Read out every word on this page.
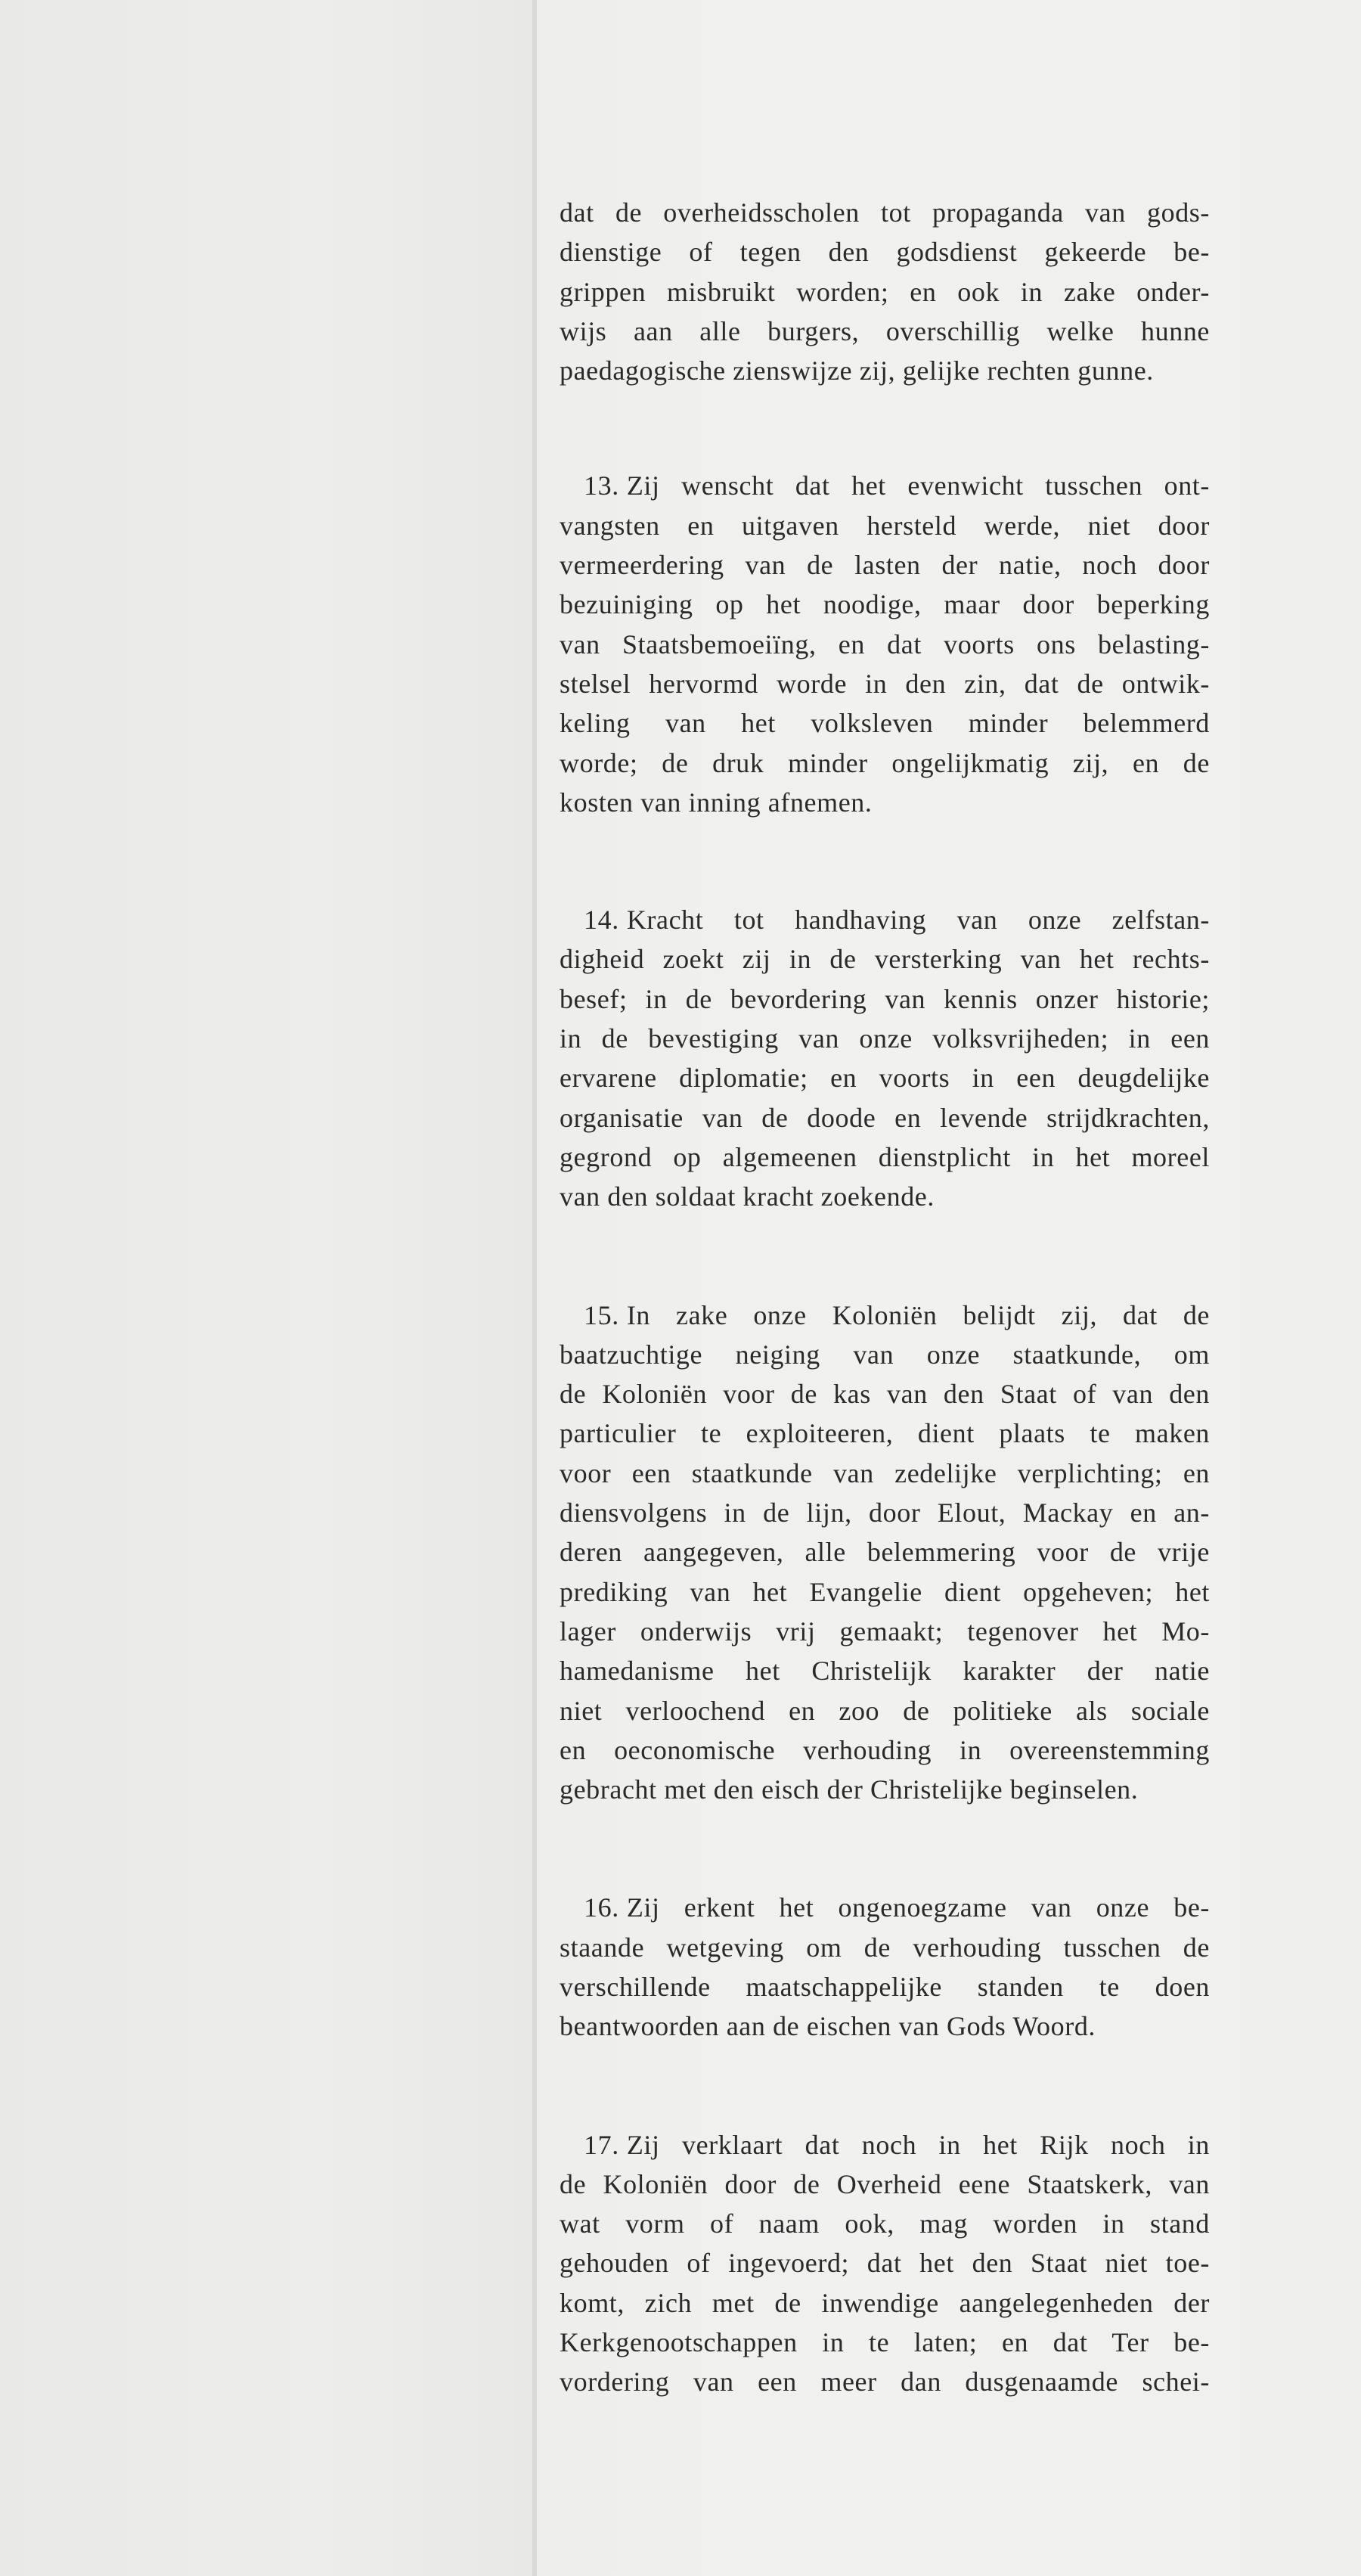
dat de overheidsscholen tot propaganda van gods-
dienstige of tegen den godsdienst gekeerde be-
grippen misbruikt worden; en ook in zake onder-
wijs aan alle burgers, overschillig welke hunne
paedagogische zienswijze zij, gelijke rechten gunne.

13. Zij wenscht dat het evenwicht tusschen ont-
vangsten en uitgaven hersteld werde, niet door
vermeerdering van de lasten der natie, noch door
bezuiniging op het noodige, maar door beperking
van Staatsbemoeiïng, en dat voorts ons belasting-
stelsel hervormd worde in den zin, dat de ontwik-
keling van het volksleven minder belemmerd
worde; de druk minder ongelijkmatig zij, en de
kosten van inning afnemen.

14. Kracht tot handhaving van onze zelfstan-
digheid zoekt zij in de versterking van het rechts-
besef; in de bevordering van kennis onzer historie;
in de bevestiging van onze volksvrijheden; in een
ervarene diplomatie; en voorts in een deugdelijke
organisatie van de doode en levende strijdkrachten,
gegrond op algemeenen dienstplicht in het moreel
van den soldaat kracht zoekende.

15. In zake onze Koloniën belijdt zij, dat de
baatzuchtige neiging van onze staatkunde, om
de Koloniën voor de kas van den Staat of van den
particulier te exploiteeren, dient plaats te maken
voor een staatkunde van zedelijke verplichting; en
diensvolgens in de lijn, door Elout, Mackay en an-
deren aangegeven, alle belemmering voor de vrije
prediking van het Evangelie dient opgeheven; het
lager onderwijs vrij gemaakt; tegenover het Mo-
hamedanisme het Christelijk karakter der natie
niet verloochend en zoo de politieke als sociale
en oeconomische verhouding in overeenstemming
gebracht met den eisch der Christelijke beginselen.

16. Zij erkent het ongenoegzame van onze be-
staande wetgeving om de verhouding tusschen de
verschillende maatschappelijke standen te doen
beantwoorden aan de eischen van Gods Woord.

17. Zij verklaart dat noch in het Rijk noch in
de Koloniën door de Overheid eene Staatskerk, van
wat vorm of naam ook, mag worden in stand
gehouden of ingevoerd; dat het den Staat niet toe-
komt, zich met de inwendige aangelegenheden der
Kerkgenootschappen in te laten; en dat Ter be-
vordering van een meer dan dusgenaamde schei-
